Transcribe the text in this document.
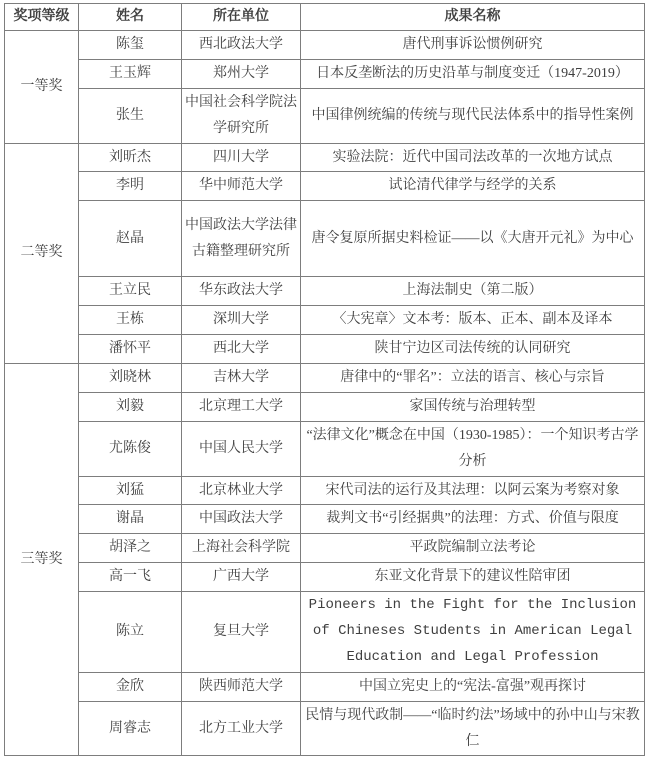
奖项等级	姓名	所在单位	成果名称
一等奖	陈玺	西北政法大学	唐代刑事诉讼惯例研究
	王玉辉	郑州大学	日本反垄断法的历史沿革与制度变迁（1947-2019）
	张生	中国社会科学院法学研究所	中国律例统编的传统与现代民法体系中的指导性案例
二等奖	刘昕杰	四川大学	实验法院：近代中国司法改革的一次地方试点
	李明	华中师范大学	试论清代律学与经学的关系
	赵晶	中国政法大学法律古籍整理研究所	唐令复原所据史料检证——以《大唐开元礼》为中心
	王立民	华东政法大学	上海法制史（第二版）
	王栋	深圳大学	〈大宪章〉文本考：版本、正本、副本及译本
	潘怀平	西北大学	陕甘宁边区司法传统的认同研究
三等奖	刘晓林	吉林大学	唐律中的“罪名”：立法的语言、核心与宗旨
	刘毅	北京理工大学	家国传统与治理转型
	尤陈俊	中国人民大学	“法律文化”概念在中国（1930-1985）：一个知识考古学分析
	刘猛	北京林业大学	宋代司法的运行及其法理：以阿云案为考察对象
	谢晶	中国政法大学	裁判文书“引经据典”的法理：方式、价值与限度
	胡泽之	上海社会科学院	平政院编制立法考论
	高一飞	广西大学	东亚文化背景下的建议性陪审团
	陈立	复旦大学	Pioneers in the Fight for the Inclusion of Chineses Students in American Legal Education and Legal Profession
	金欣	陕西师范大学	中国立宪史上的“宪法-富强”观再探讨
	周睿志	北方工业大学	民情与现代政制——“临时约法”场域中的孙中山与宋教仁
